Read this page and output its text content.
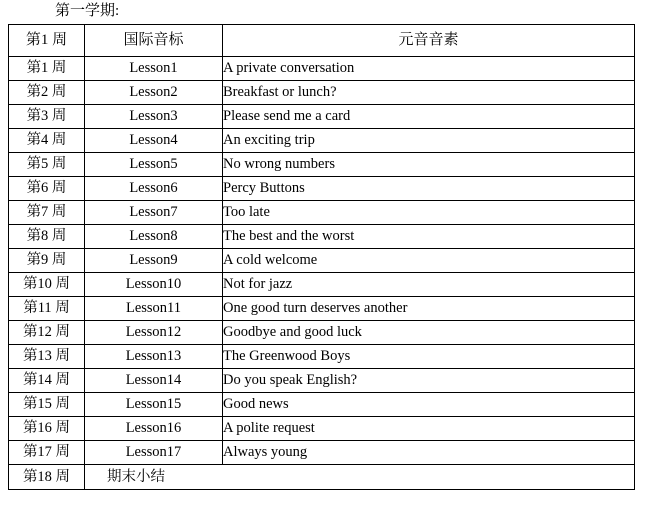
第一学期:
第1 周	国际音标	元音音素
第1 周	Lesson1	A private conversation
第2 周	Lesson2	Breakfast or lunch?
第3 周	Lesson3	Please send me a card
第4 周	Lesson4	An exciting trip
第5 周	Lesson5	No wrong numbers
第6 周	Lesson6	Percy Buttons
第7 周	Lesson7	Too late
第8 周	Lesson8	The best and the worst
第9 周	Lesson9	A cold welcome
第10 周	Lesson10	Not for jazz
第11 周	Lesson11	One good turn deserves another
第12 周	Lesson12	Goodbye and good luck
第13 周	Lesson13	The Greenwood Boys
第14 周	Lesson14	Do you speak English?
第15 周	Lesson15	Good news
第16 周	Lesson16	A polite request
第17 周	Lesson17	Always young
第18 周	期末小结	
